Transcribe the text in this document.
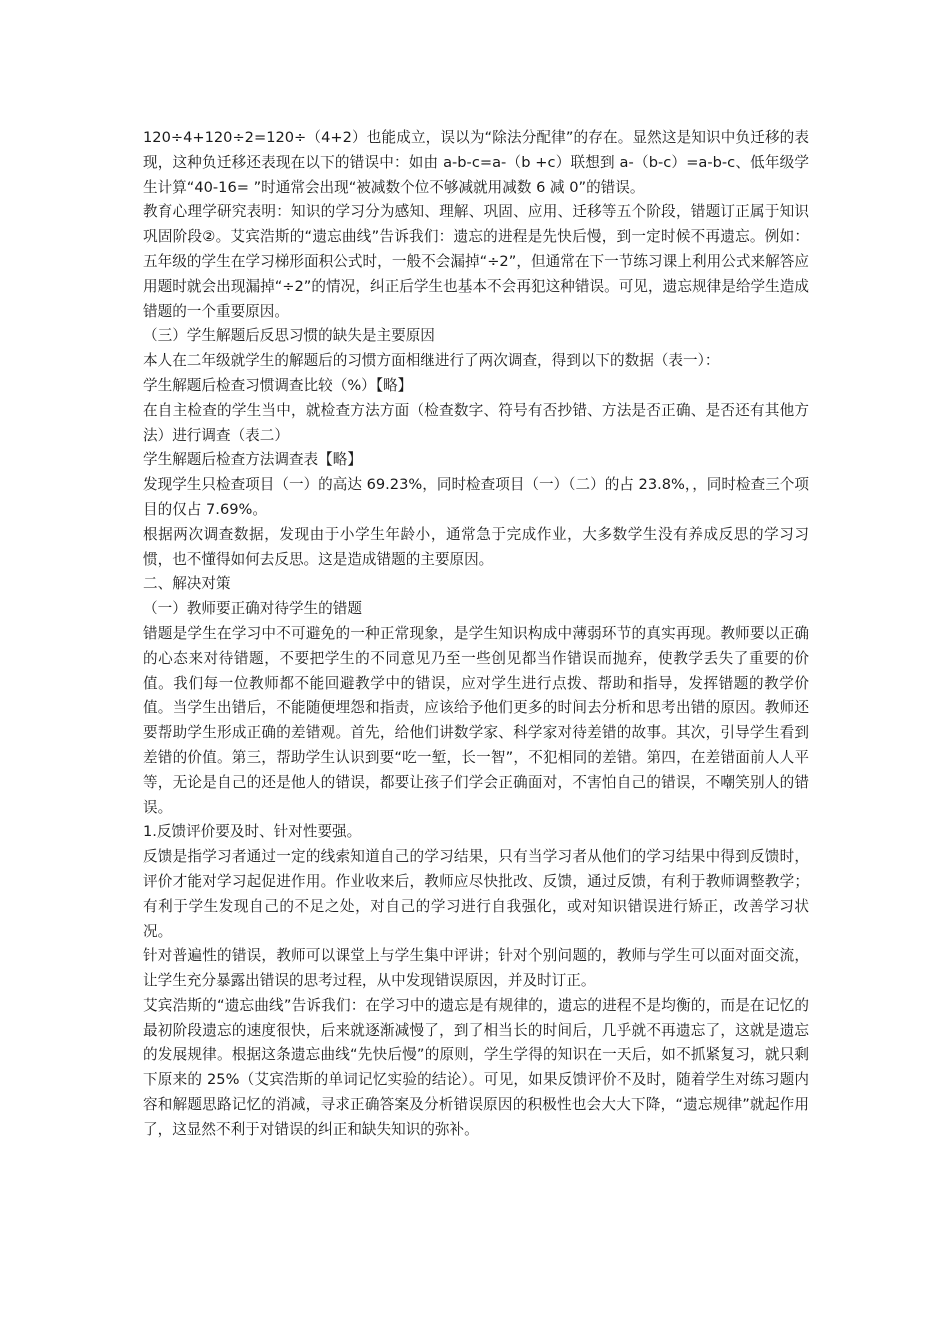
120÷4+120÷2=120÷（4+2）也能成立，误以为“除法分配律”的存在。显然这是知识中负迁移的表现，这种负迁移还表现在以下的错误中：如由 a-b-c=a-（b +c）联想到 a-（b-c）=a-b-c、低年级学生计算“40-16= ”时通常会出现“被减数个位不够减就用减数 6 减 0”的错误。

教育心理学研究表明：知识的学习分为感知、理解、巩固、应用、迁移等五个阶段，错题订正属于知识巩固阶段②。艾宾浩斯的“遗忘曲线”告诉我们：遗忘的进程是先快后慢，到一定时候不再遗忘。例如：五年级的学生在学习梯形面积公式时，一般不会漏掉“÷2”，但通常在下一节练习课上利用公式来解答应用题时就会出现漏掉“÷2”的情况，纠正后学生也基本不会再犯这种错误。可见，遗忘规律是给学生造成错题的一个重要原因。

（三）学生解题后反思习惯的缺失是主要原因

本人在二年级就学生的解题后的习惯方面相继进行了两次调查，得到以下的数据（表一）：

学生解题后检查习惯调查比较（%）【略】

在自主检查的学生当中，就检查方法方面（检查数字、符号有否抄错、方法是否正确、是否还有其他方法）进行调查（表二）

学生解题后检查方法调查表【略】

发现学生只检查项目（一）的高达 69.23%，同时检查项目（一）（二）的占 23.8%，，同时检查三个项目的仅占 7.69%。

根据两次调查数据，发现由于小学生年龄小，通常急于完成作业，大多数学生没有养成反思的学习习惯，也不懂得如何去反思。这是造成错题的主要原因。

二、解决对策

（一）教师要正确对待学生的错题

错题是学生在学习中不可避免的一种正常现象，是学生知识构成中薄弱环节的真实再现。教师要以正确的心态来对待错题，不要把学生的不同意见乃至一些创见都当作错误而抛弃，使教学丢失了重要的价值。我们每一位教师都不能回避教学中的错误，应对学生进行点拨、帮助和指导，发挥错题的教学价值。当学生出错后，不能随便埋怨和指责，应该给予他们更多的时间去分析和思考出错的原因。教师还要帮助学生形成正确的差错观。首先，给他们讲数学家、科学家对待差错的故事。其次，引导学生看到差错的价值。第三，帮助学生认识到要“吃一堑，长一智”，不犯相同的差错。第四，在差错面前人人平等，无论是自己的还是他人的错误，都要让孩子们学会正确面对，不害怕自己的错误，不嘲笑别人的错误。

1.反馈评价要及时、针对性要强。

反馈是指学习者通过一定的线索知道自己的学习结果，只有当学习者从他们的学习结果中得到反馈时，评价才能对学习起促进作用。作业收来后，教师应尽快批改、反馈，通过反馈，有利于教师调整教学；有利于学生发现自己的不足之处，对自己的学习进行自我强化，或对知识错误进行矫正，改善学习状况。

针对普遍性的错误，教师可以课堂上与学生集中评讲；针对个别问题的，教师与学生可以面对面交流，让学生充分暴露出错误的思考过程，从中发现错误原因，并及时订正。

艾宾浩斯的“遗忘曲线”告诉我们：在学习中的遗忘是有规律的，遗忘的进程不是均衡的，而是在记忆的最初阶段遗忘的速度很快，后来就逐渐减慢了，到了相当长的时间后，几乎就不再遗忘了，这就是遗忘的发展规律。根据这条遗忘曲线“先快后慢”的原则，学生学得的知识在一天后，如不抓紧复习，就只剩下原来的 25%（艾宾浩斯的单词记忆实验的结论）。可见，如果反馈评价不及时，随着学生对练习题内容和解题思路记忆的消减，寻求正确答案及分析错误原因的积极性也会大大下降，“遗忘规律”就起作用了，这显然不利于对错误的纠正和缺失知识的弥补。
